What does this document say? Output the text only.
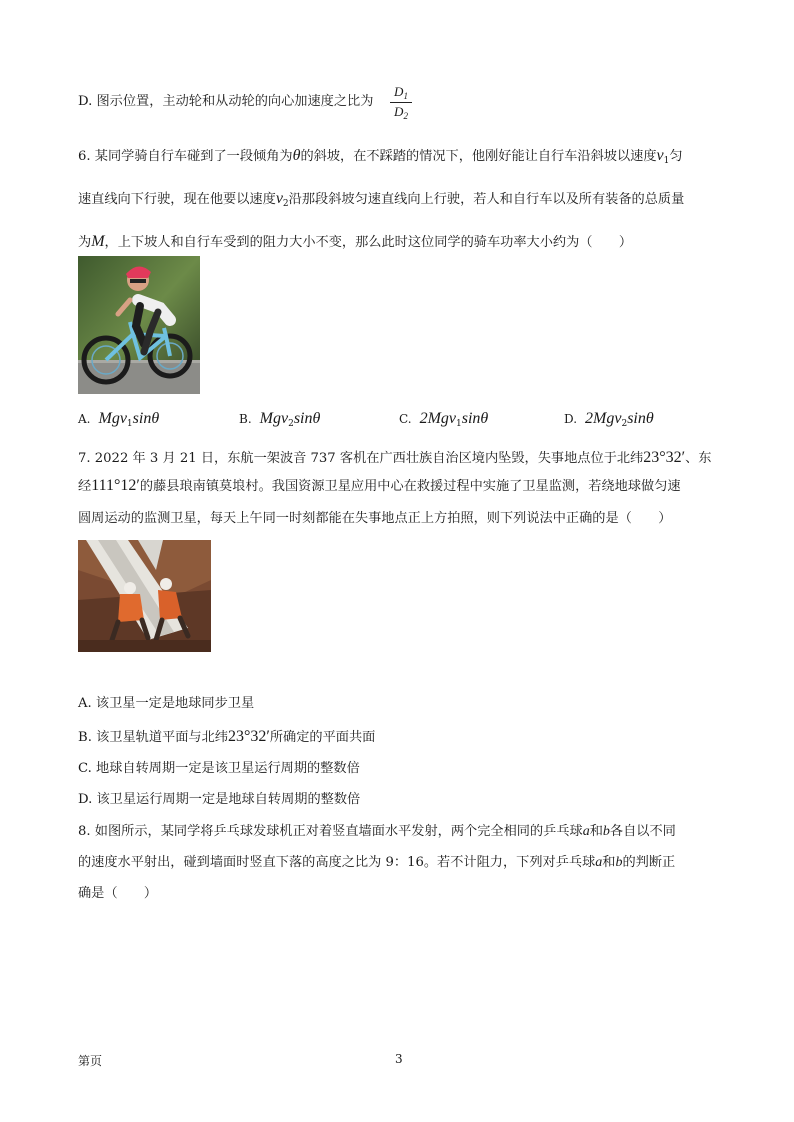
D. 图示位置，主动轮和从动轮的向心加速度之比为 $\frac{D_1}{D_2}$
6. 某同学骑自行车碰到了一段倾角为θ的斜坡，在不踩踏的情况下，他刚好能让自行车沿斜坡以速度$v_1$匀
速直线向下行驶，现在他要以速度$v_2$沿那段斜坡匀速直线向上行驶，若人和自行车以及所有装备的总质量
为M，上下坡人和自行车受到的阻力大小不变，那么此时这位同学的骑车功率大小约为（　　）
A. Mgv$_1$sinθ	B. Mgv$_2$sinθ	C. 2Mgv$_1$sinθ	D. 2Mgv$_2$sinθ
7. 2022 年 3 月 21 日，东航一架波音 737 客机在广西壮族自治区境内坠毁，失事地点位于北纬23°32′、东
经111°12′的藤县琅南镇莫埌村。我国资源卫星应用中心在救援过程中实施了卫星监测，若绕地球做匀速
圆周运动的监测卫星，每天上午同一时刻都能在失事地点正上方拍照，则下列说法中正确的是（　　）
A. 该卫星一定是地球同步卫星
B. 该卫星轨道平面与北纬23°32′所确定的平面共面
C. 地球自转周期一定是该卫星运行周期的整数倍
D. 该卫星运行周期一定是地球自转周期的整数倍
8. 如图所示，某同学将乒乓球发球机正对着竖直墙面水平发射，两个完全相同的乒乓球a和b各自以不同
的速度水平射出，碰到墙面时竖直下落的高度之比为 9：16。若不计阻力，下列对乒乓球a和b的判断正
确是（　　）
第页	3
